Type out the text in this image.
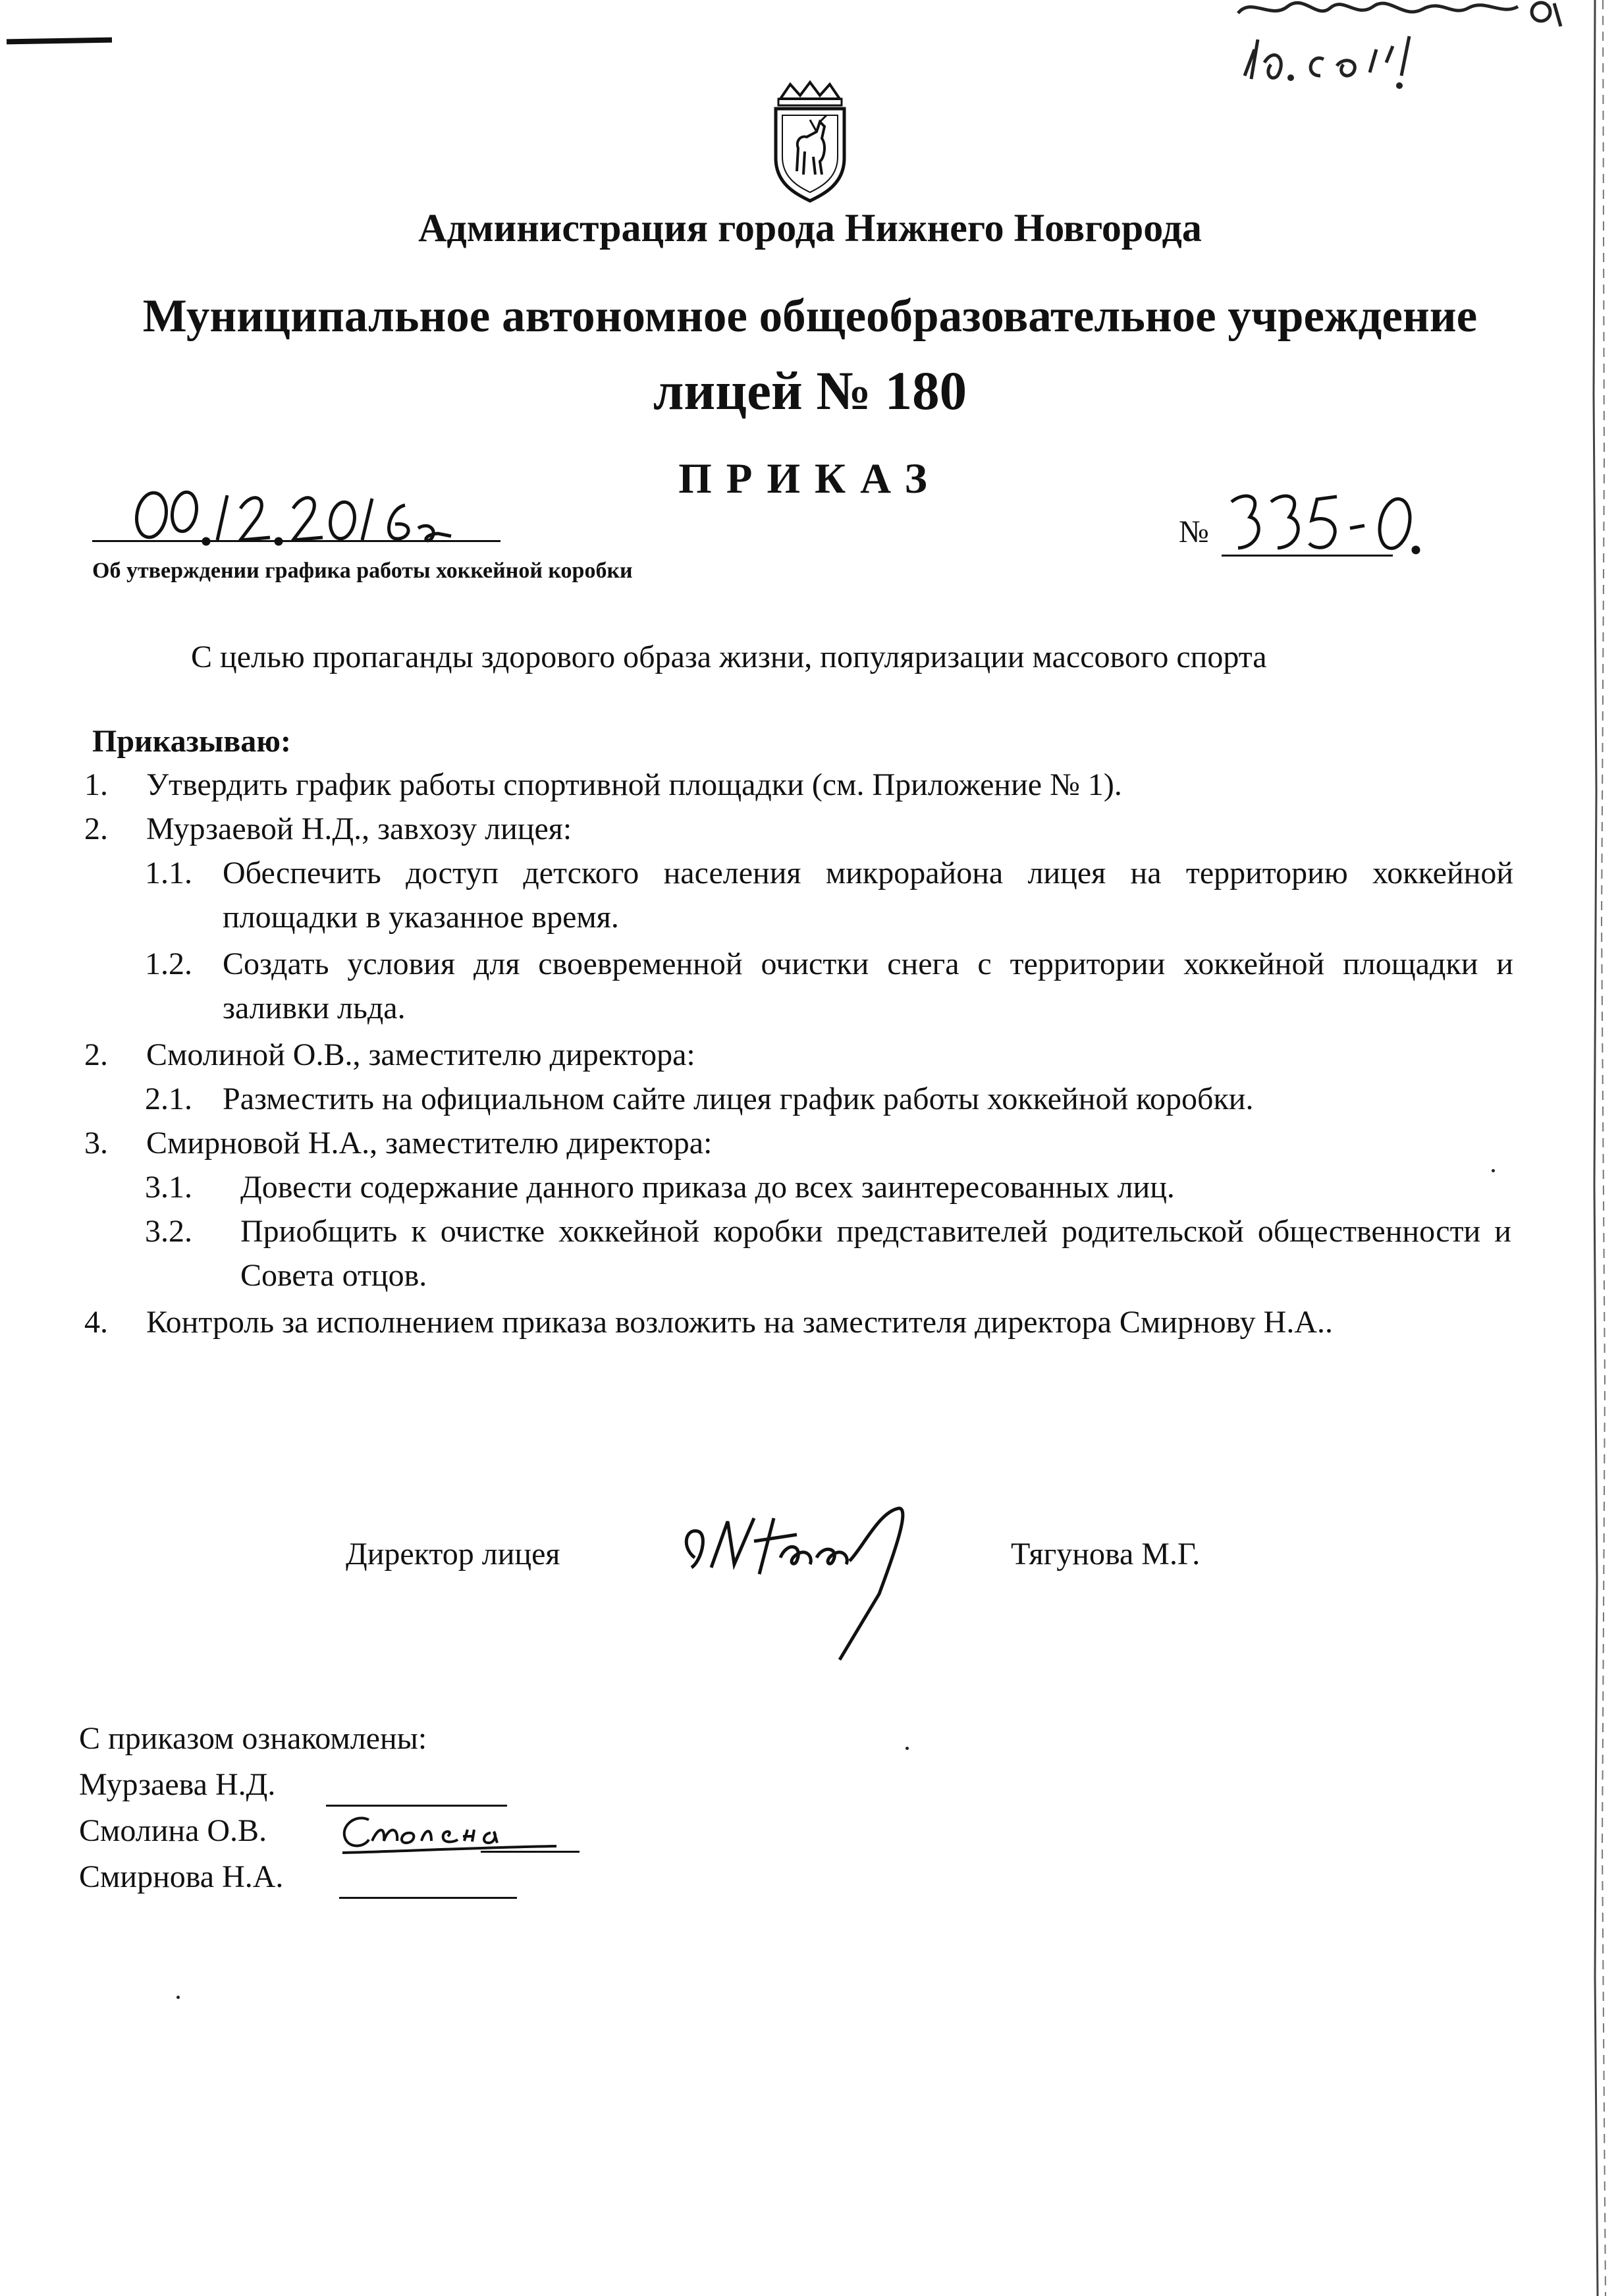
Администрация города Нижнего Новгорода
Муниципальное автономное общеобразовательное учреждение
лицей № 180
ПРИКАЗ
№
Об утверждении графика работы хоккейной коробки
С целью пропаганды здорового образа жизни, популяризации массового спорта
Приказываю:
1. Утвердить график работы спортивной площадки (см. Приложение № 1).
2. Мурзаевой Н.Д., завхозу лицея:
1.1. Обеспечить доступ детского населения микрорайона лицея на территорию хоккейной площадки в указанное время.
1.2. Создать условия для своевременной очистки снега с территории хоккейной площадки и заливки льда.
2. Смолиной О.В., заместителю директора:
2.1. Разместить на официальном сайте лицея график работы хоккейной коробки.
3. Смирновой Н.А., заместителю директора:
3.1. Довести содержание данного приказа до всех заинтересованных лиц.
3.2. Приобщить к очистке хоккейной коробки представителей родительской общественности и Совета отцов.
4. Контроль за исполнением приказа возложить на заместителя директора Смирнову Н.А..
Директор лицея	Тягунова М.Г.
С приказом ознакомлены:
Мурзаева Н.Д.
Смолина О.В.
Смирнова Н.А.
